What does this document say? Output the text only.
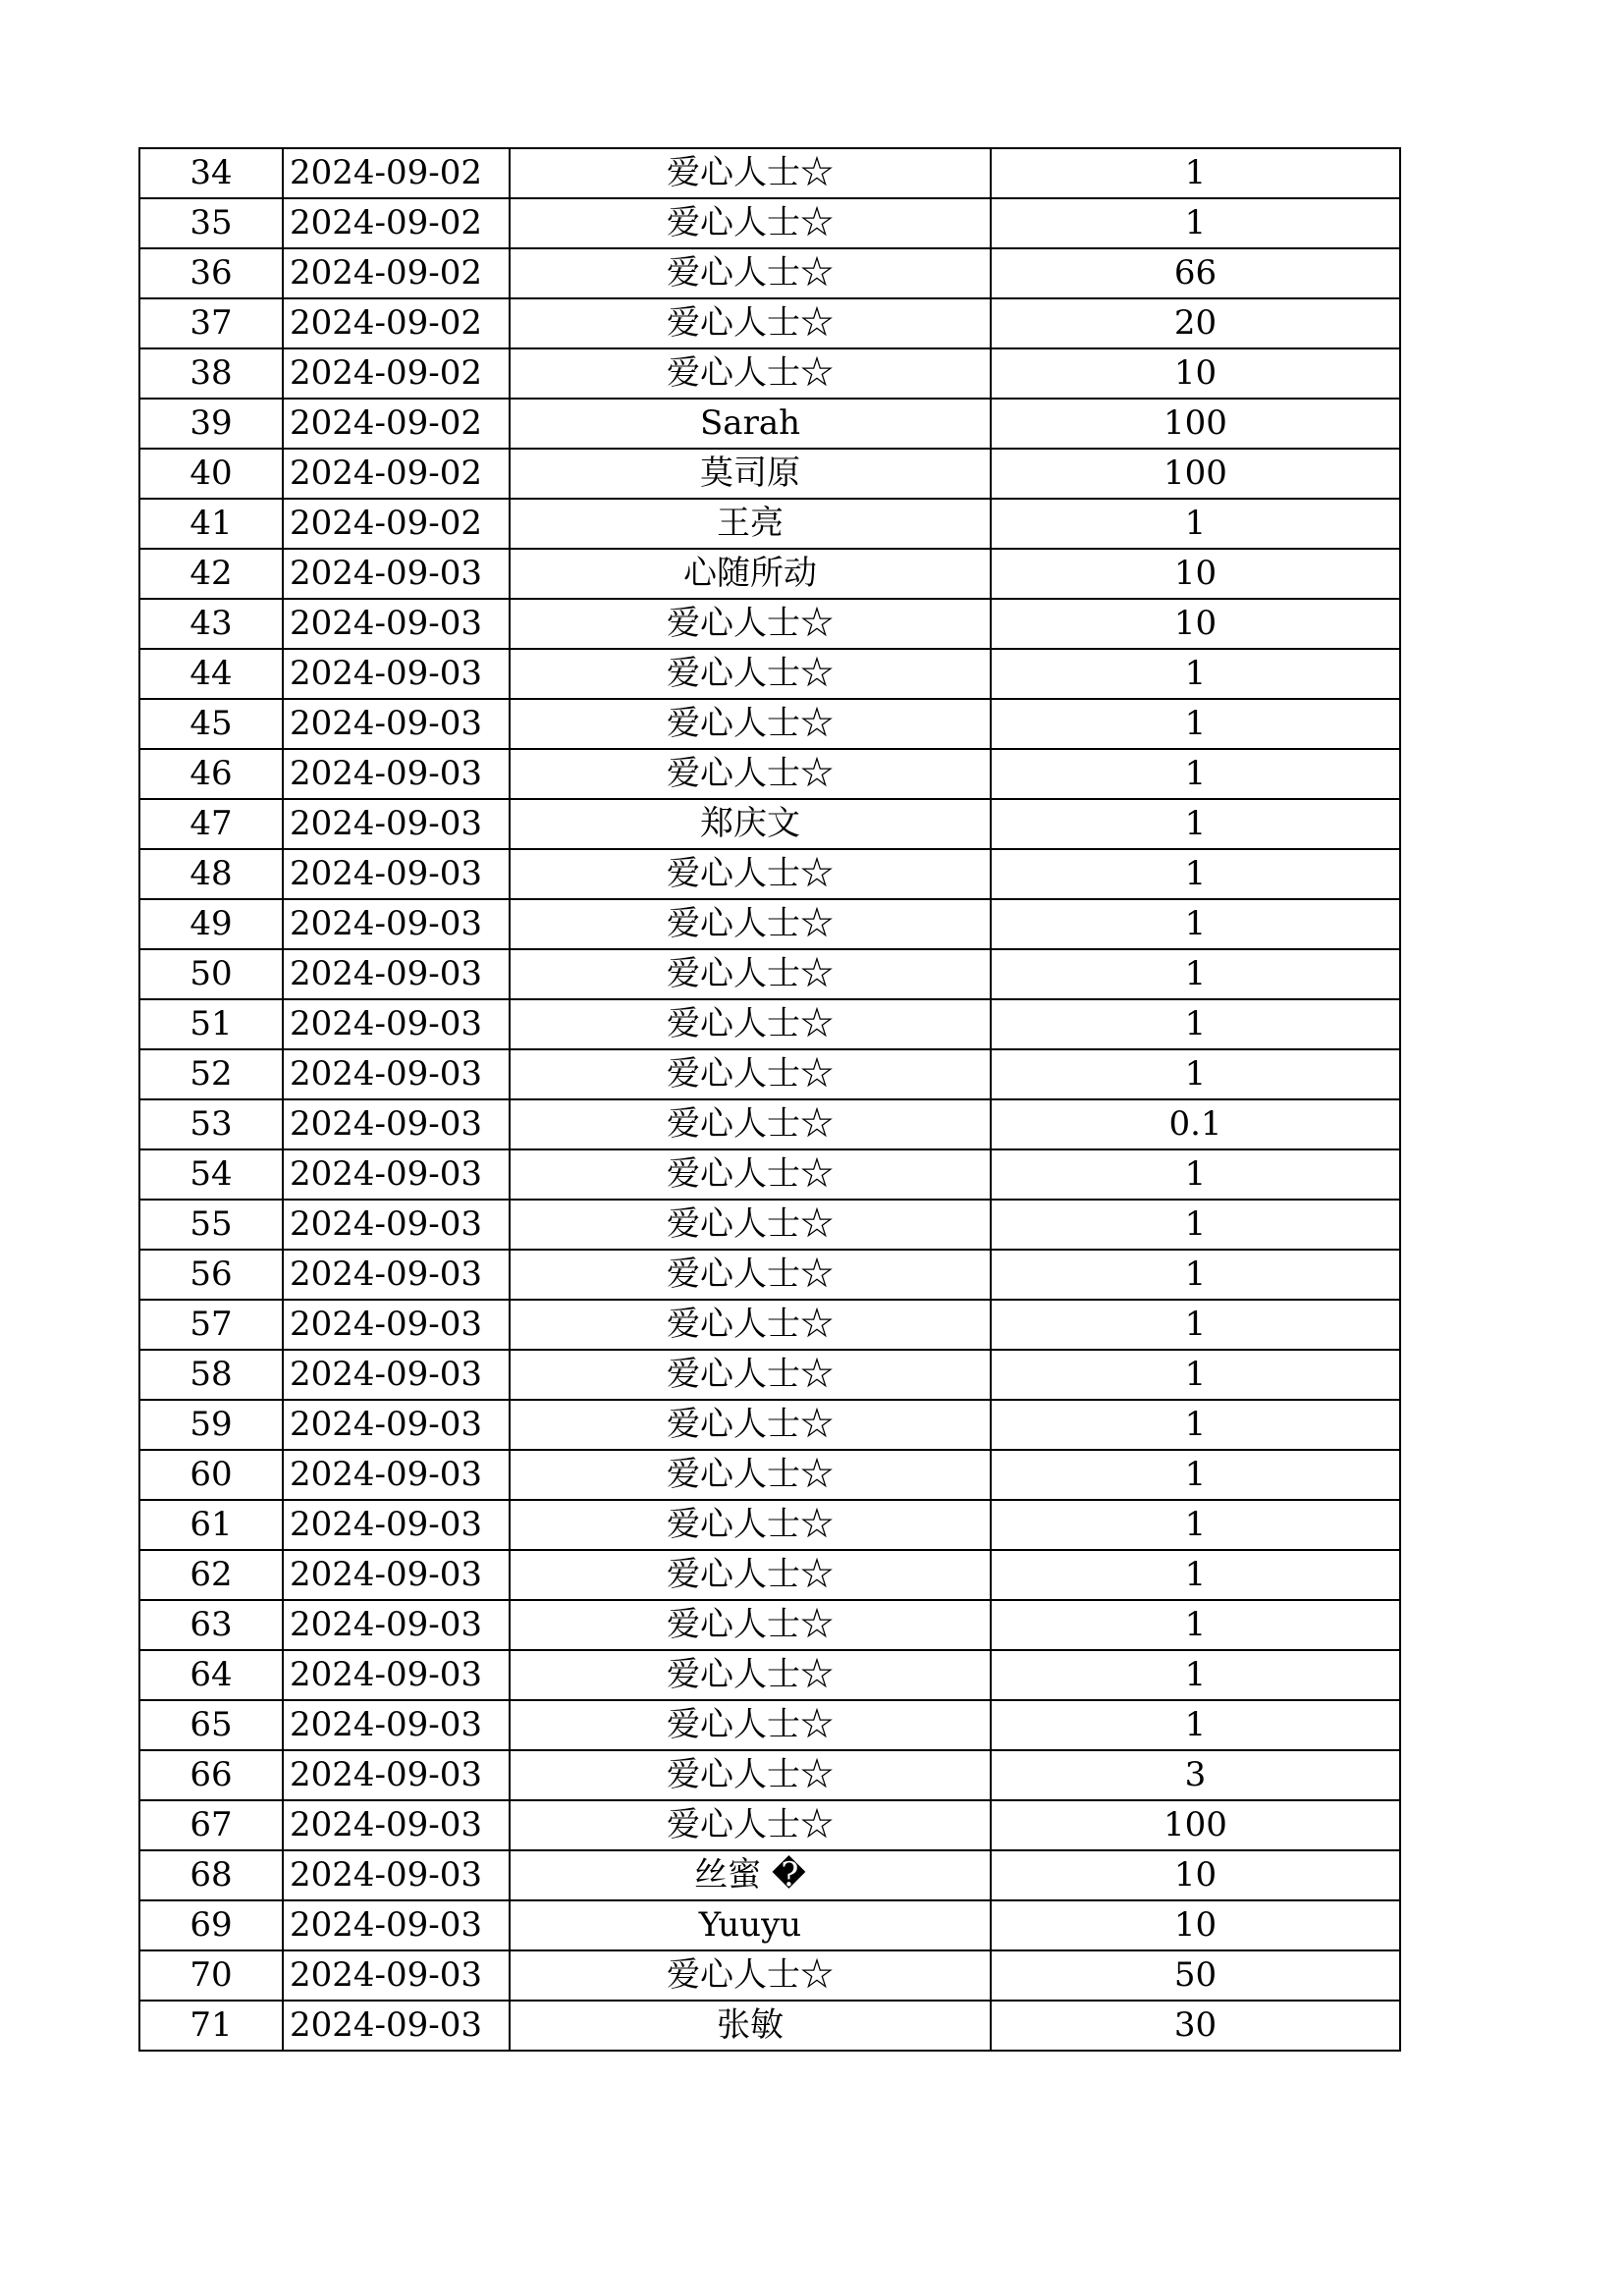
34	2024-09-02	爱心人士☆	1
35	2024-09-02	爱心人士☆	1
36	2024-09-02	爱心人士☆	66
37	2024-09-02	爱心人士☆	20
38	2024-09-02	爱心人士☆	10
39	2024-09-02	Sarah	100
40	2024-09-02	莫司原	100
41	2024-09-02	王亮	1
42	2024-09-03	心随所动	10
43	2024-09-03	爱心人士☆	10
44	2024-09-03	爱心人士☆	1
45	2024-09-03	爱心人士☆	1
46	2024-09-03	爱心人士☆	1
47	2024-09-03	郑庆文	1
48	2024-09-03	爱心人士☆	1
49	2024-09-03	爱心人士☆	1
50	2024-09-03	爱心人士☆	1
51	2024-09-03	爱心人士☆	1
52	2024-09-03	爱心人士☆	1
53	2024-09-03	爱心人士☆	0.1
54	2024-09-03	爱心人士☆	1
55	2024-09-03	爱心人士☆	1
56	2024-09-03	爱心人士☆	1
57	2024-09-03	爱心人士☆	1
58	2024-09-03	爱心人士☆	1
59	2024-09-03	爱心人士☆	1
60	2024-09-03	爱心人士☆	1
61	2024-09-03	爱心人士☆	1
62	2024-09-03	爱心人士☆	1
63	2024-09-03	爱心人士☆	1
64	2024-09-03	爱心人士☆	1
65	2024-09-03	爱心人士☆	1
66	2024-09-03	爱心人士☆	3
67	2024-09-03	爱心人士☆	100
68	2024-09-03	丝蜜 �	10
69	2024-09-03	Yuuyu	10
70	2024-09-03	爱心人士☆	50
71	2024-09-03	张敏	30
